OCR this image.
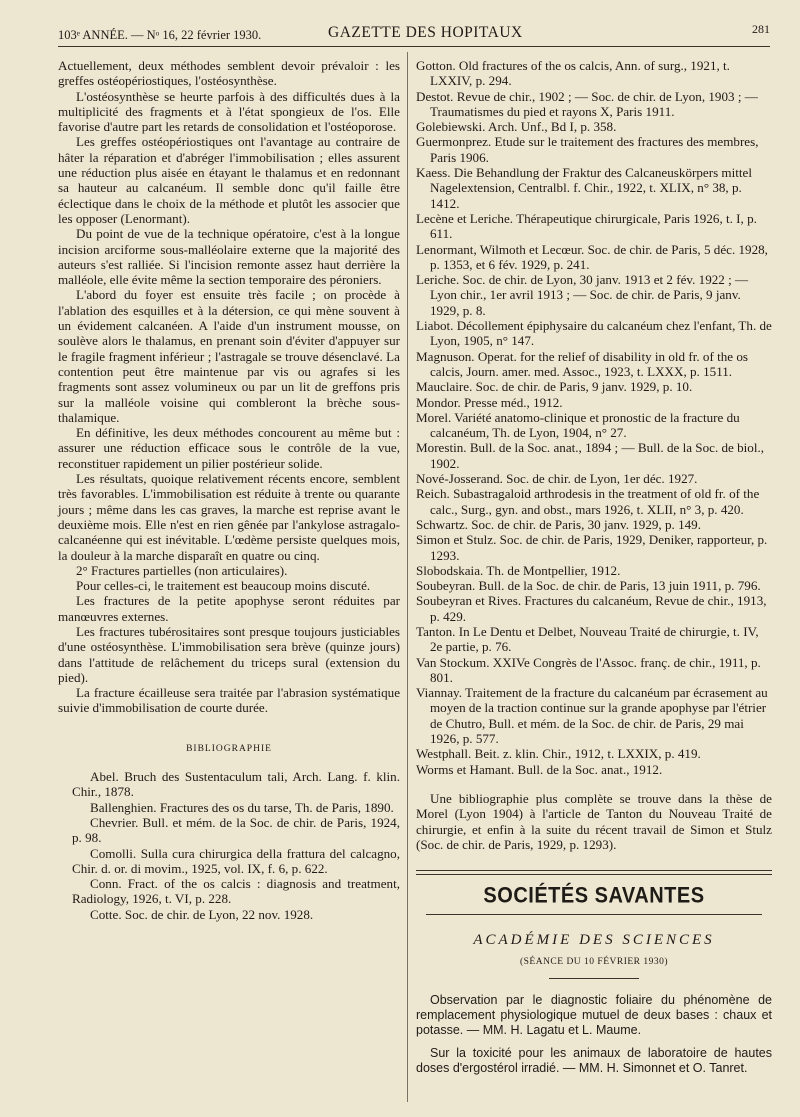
103ᵉ ANNÉE. — Nᵒ 16, 22 février 1930.	GAZETTE DES HOPITAUX	281

Actuellement, deux méthodes semblent devoir prévaloir : les greffes ostéopériostiques, l'ostéosynthèse.

L'ostéosynthèse se heurte parfois à des difficultés dues à la multiplicité des fragments et à l'état spongieux de l'os. Elle favorise d'autre part les retards de consolidation et l'ostéoporose.

Les greffes ostéopériostiques ont l'avantage au contraire de hâter la réparation et d'abréger l'immobilisation ; elles assurent une réduction plus aisée en étayant le thalamus et en redonnant sa hauteur au calcanéum. Il semble donc qu'il faille être éclectique dans le choix de la méthode et plutôt les associer que les opposer (Lenormant).

Du point de vue de la technique opératoire, c'est à la longue incision arciforme sous-malléolaire externe que la majorité des auteurs s'est ralliée. Si l'incision remonte assez haut derrière la malléole, elle évite même la section temporaire des péroniers.

L'abord du foyer est ensuite très facile ; on procède à l'ablation des esquilles et à la détersion, ce qui mène souvent à un évidement calcanéen. A l'aide d'un instrument mousse, on soulève alors le thalamus, en prenant soin d'éviter d'appuyer sur le fragile fragment inférieur ; l'astragale se trouve désenclavé. La contention peut être maintenue par vis ou agrafes si les fragments sont assez volumineux ou par un lit de greffons pris sur la malléole voisine qui combleront la brèche sous-thalamique.

En définitive, les deux méthodes concourent au même but : assurer une réduction efficace sous le contrôle de la vue, reconstituer rapidement un pilier postérieur solide.

Les résultats, quoique relativement récents encore, semblent très favorables. L'immobilisation est réduite à trente ou quarante jours ; même dans les cas graves, la marche est reprise avant le deuxième mois. Elle n'est en rien gênée par l'ankylose astragalo-calcanéenne qui est inévitable. L'œdème persiste quelques mois, la douleur à la marche disparaît en quatre ou cinq.

2° Fractures partielles (non articulaires).

Pour celles-ci, le traitement est beaucoup moins discuté.

Les fractures de la petite apophyse seront réduites par manœuvres externes.

Les fractures tubérositaires sont presque toujours justiciables d'une ostéosynthèse. L'immobilisation sera brève (quinze jours) dans l'attitude de relâchement du triceps sural (extension du pied).

La fracture écailleuse sera traitée par l'abrasion systématique suivie d'immobilisation de courte durée.

BIBLIOGRAPHIE

Abel. Bruch des Sustentaculum tali, Arch. Lang. f. klin. Chir., 1878.

Ballenghien. Fractures des os du tarse, Th. de Paris, 1890.

Chevrier. Bull. et mém. de la Soc. de chir. de Paris, 1924, p. 98.

Comolli. Sulla cura chirurgica della frattura del calcagno, Chir. d. or. di movim., 1925, vol. IX, f. 6, p. 622.

Conn. Fract. of the os calcis : diagnosis and treatment, Radiology, 1926, t. VI, p. 228.

Cotte. Soc. de chir. de Lyon, 22 nov. 1928.

Gotton. Old fractures of the os calcis, Ann. of surg., 1921, t. LXXIV, p. 294.

Destot. Revue de chir., 1902 ; — Soc. de chir. de Lyon, 1903 ; — Traumatismes du pied et rayons X, Paris 1911.

Golebiewski. Arch. Unf., Bd I, p. 358.

Guermonprez. Etude sur le traitement des fractures des membres, Paris 1906.

Kaess. Die Behandlung der Fraktur des Calcaneuskörpers mittel Nagelextension, Centralbl. f. Chir., 1922, t. XLIX, n° 38, p. 1412.

Lecène et Leriche. Thérapeutique chirurgicale, Paris 1926, t. I, p. 611.

Lenormant, Wilmoth et Lecœur. Soc. de chir. de Paris, 5 déc. 1928, p. 1353, et 6 fév. 1929, p. 241.

Leriche. Soc. de chir. de Lyon, 30 janv. 1913 et 2 fév. 1922 ; — Lyon chir., 1er avril 1913 ; — Soc. de chir. de Paris, 9 janv. 1929, p. 8.

Liabot. Décollement épiphysaire du calcanéum chez l'enfant, Th. de Lyon, 1905, n° 147.

Magnuson. Operat. for the relief of disability in old fr. of the os calcis, Journ. amer. med. Assoc., 1923, t. LXXX, p. 1511.

Mauclaire. Soc. de chir. de Paris, 9 janv. 1929, p. 10.

Mondor. Presse méd., 1912.

Morel. Variété anatomo-clinique et pronostic de la fracture du calcanéum, Th. de Lyon, 1904, n° 27.

Morestin. Bull. de la Soc. anat., 1894 ; — Bull. de la Soc. de biol., 1902.

Nové-Josserand. Soc. de chir. de Lyon, 1er déc. 1927.

Reich. Subastragaloid arthrodesis in the treatment of old fr. of the calc., Surg., gyn. and obst., mars 1926, t. XLII, n° 3, p. 420.

Schwartz. Soc. de chir. de Paris, 30 janv. 1929, p. 149.

Simon et Stulz. Soc. de chir. de Paris, 1929, Deniker, rapporteur, p. 1293.

Slobodskaia. Th. de Montpellier, 1912.

Soubeyran. Bull. de la Soc. de chir. de Paris, 13 juin 1911, p. 796.

Soubeyran et Rives. Fractures du calcanéum, Revue de chir., 1913, p. 429.

Tanton. In Le Dentu et Delbet, Nouveau Traité de chirurgie, t. IV, 2e partie, p. 76.

Van Stockum. XXIVe Congrès de l'Assoc. franç. de chir., 1911, p. 801.

Viannay. Traitement de la fracture du calcanéum par écrasement au moyen de la traction continue sur la grande apophyse par l'étrier de Chutro, Bull. et mém. de la Soc. de chir. de Paris, 29 mai 1926, p. 577.

Westphall. Beit. z. klin. Chir., 1912, t. LXXIX, p. 419.

Worms et Hamant. Bull. de la Soc. anat., 1912.

Une bibliographie plus complète se trouve dans la thèse de Morel (Lyon 1904) à l'article de Tanton du Nouveau Traité de chirurgie, et enfin à la suite du récent travail de Simon et Stulz (Soc. de chir. de Paris, 1929, p. 1293).

SOCIÉTÉS SAVANTES
ACADÉMIE DES SCIENCES
(SÉANCE DU 10 FÉVRIER 1930)

Observation par le diagnostic foliaire du phénomène de remplacement physiologique mutuel de deux bases : chaux et potasse. — MM. H. Lagatu et L. Maume.

Sur la toxicité pour les animaux de laboratoire de hautes doses d'ergostérol irradié. — MM. H. Simonnet et O. Tanret.
